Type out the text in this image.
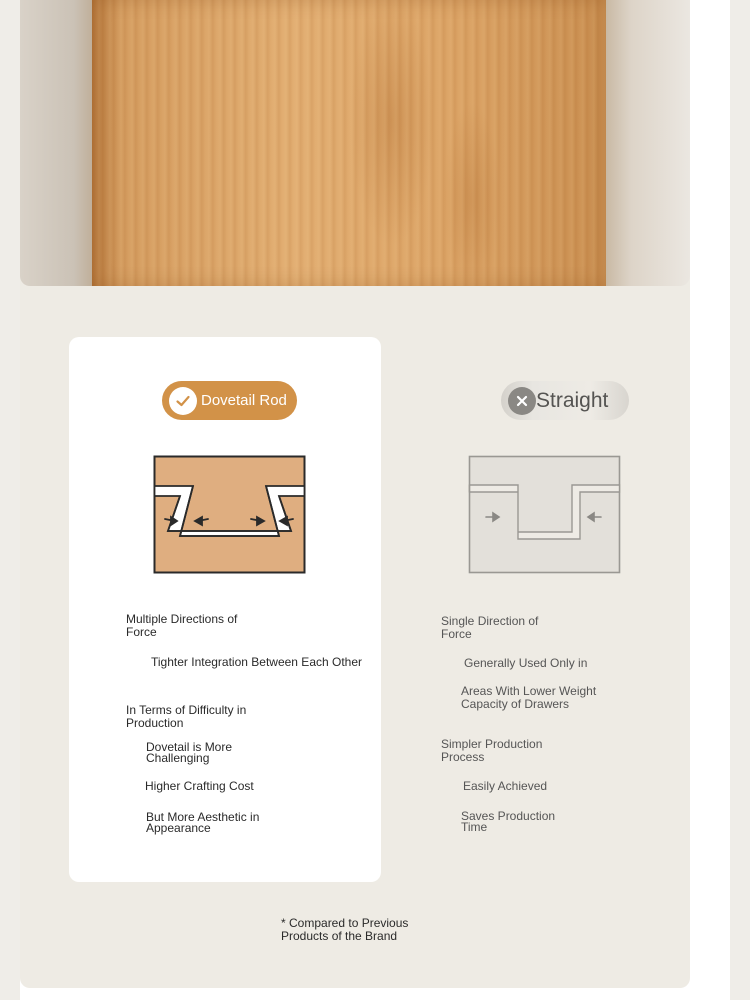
Dovetail Rod
Multiple Directions of
Force
Tighter Integration Between Each Other
In Terms of Difficulty in
Production
Dovetail is More
Challenging
Higher Crafting Cost
But More Aesthetic in
Appearance
Straight
Single Direction of
Force
Generally Used Only in
Areas With Lower Weight
Capacity of Drawers
Simpler Production
Process
Easily Achieved
Saves Production
Time
* Compared to Previous
Products of the Brand
